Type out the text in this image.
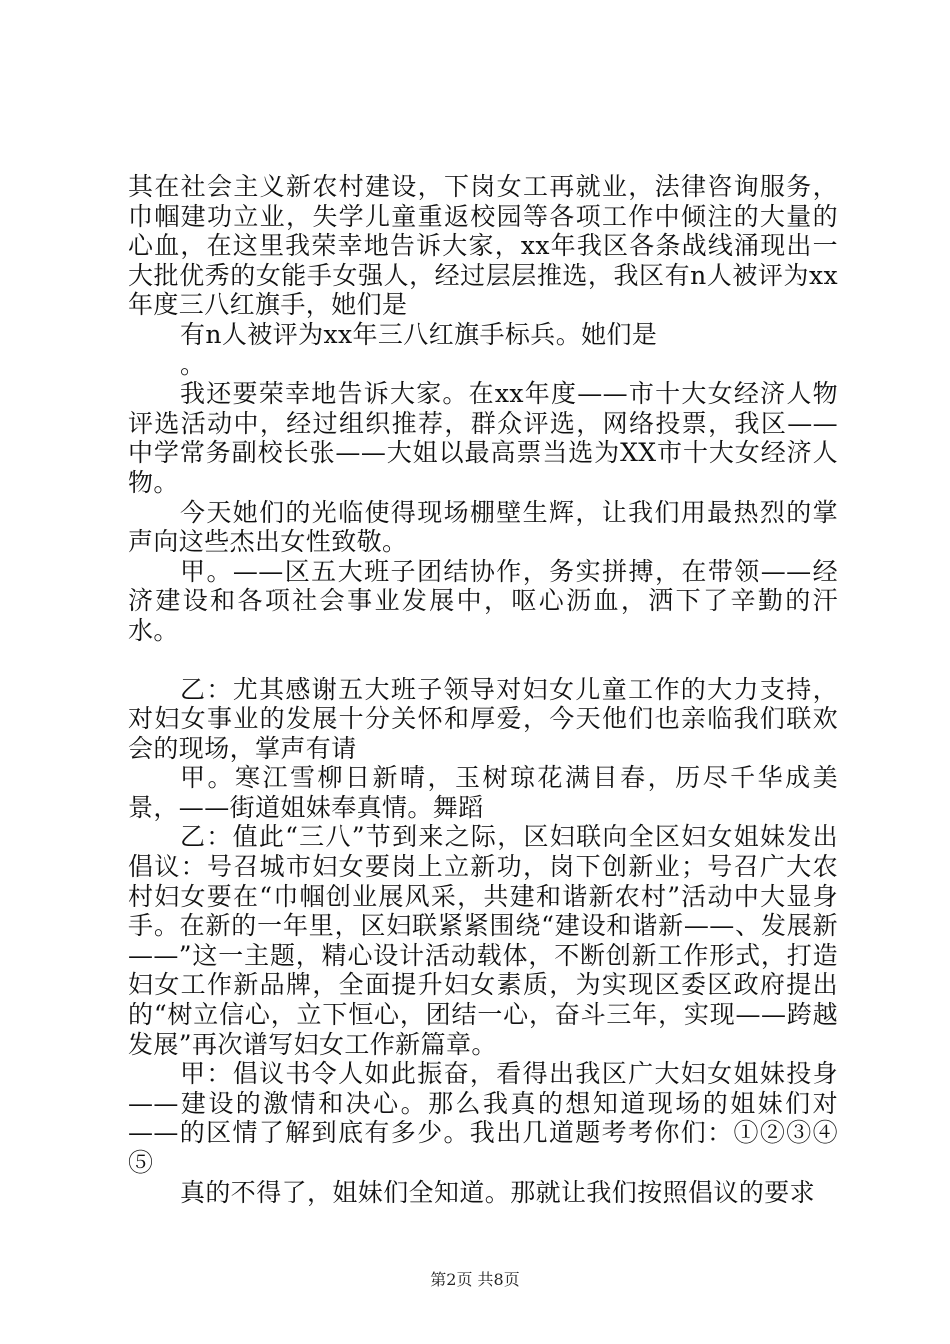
其在社会主义新农村建设，下岗女工再就业，法律咨询服务，巾帼建功立业，失学儿童重返校园等各项工作中倾注的大量的心血，在这里我荣幸地告诉大家，xx年我区各条战线涌现出一大批优秀的女能手女强人，经过层层推选，我区有n人被评为xx年度三八红旗手，她们是

有n人被评为xx年三八红旗手标兵。她们是

。

我还要荣幸地告诉大家。在xx年度——市十大女经济人物评选活动中，经过组织推荐，群众评选，网络投票，我区——中学常务副校长张——大姐以最高票当选为XX市十大女经济人物。

今天她们的光临使得现场棚壁生辉，让我们用最热烈的掌声向这些杰出女性致敬。

甲。——区五大班子团结协作，务实拼搏，在带领——经济建设和各项社会事业发展中，呕心沥血，洒下了辛勤的汗水。

乙：尤其感谢五大班子领导对妇女儿童工作的大力支持，对妇女事业的发展十分关怀和厚爱，今天他们也亲临我们联欢会的现场，掌声有请

甲。寒江雪柳日新晴，玉树琼花满目春，历尽千华成美景，——街道姐妹奉真情。舞蹈

乙：值此“三八”节到来之际，区妇联向全区妇女姐妹发出倡议：号召城市妇女要岗上立新功，岗下创新业；号召广大农村妇女要在“巾帼创业展风采，共建和谐新农村”活动中大显身手。在新的一年里，区妇联紧紧围绕“建设和谐新——、发展新——”这一主题，精心设计活动载体，不断创新工作形式，打造妇女工作新品牌，全面提升妇女素质，为实现区委区政府提出的“树立信心，立下恒心，团结一心，奋斗三年，实现——跨越发展”再次谱写妇女工作新篇章。

甲：倡议书令人如此振奋，看得出我区广大妇女姐妹投身——建设的激情和决心。那么我真的想知道现场的姐妹们对——的区情了解到底有多少。我出几道题考考你们：①②③④⑤

真的不得了，姐妹们全知道。那就让我们按照倡议的要求

第2页 共8页
